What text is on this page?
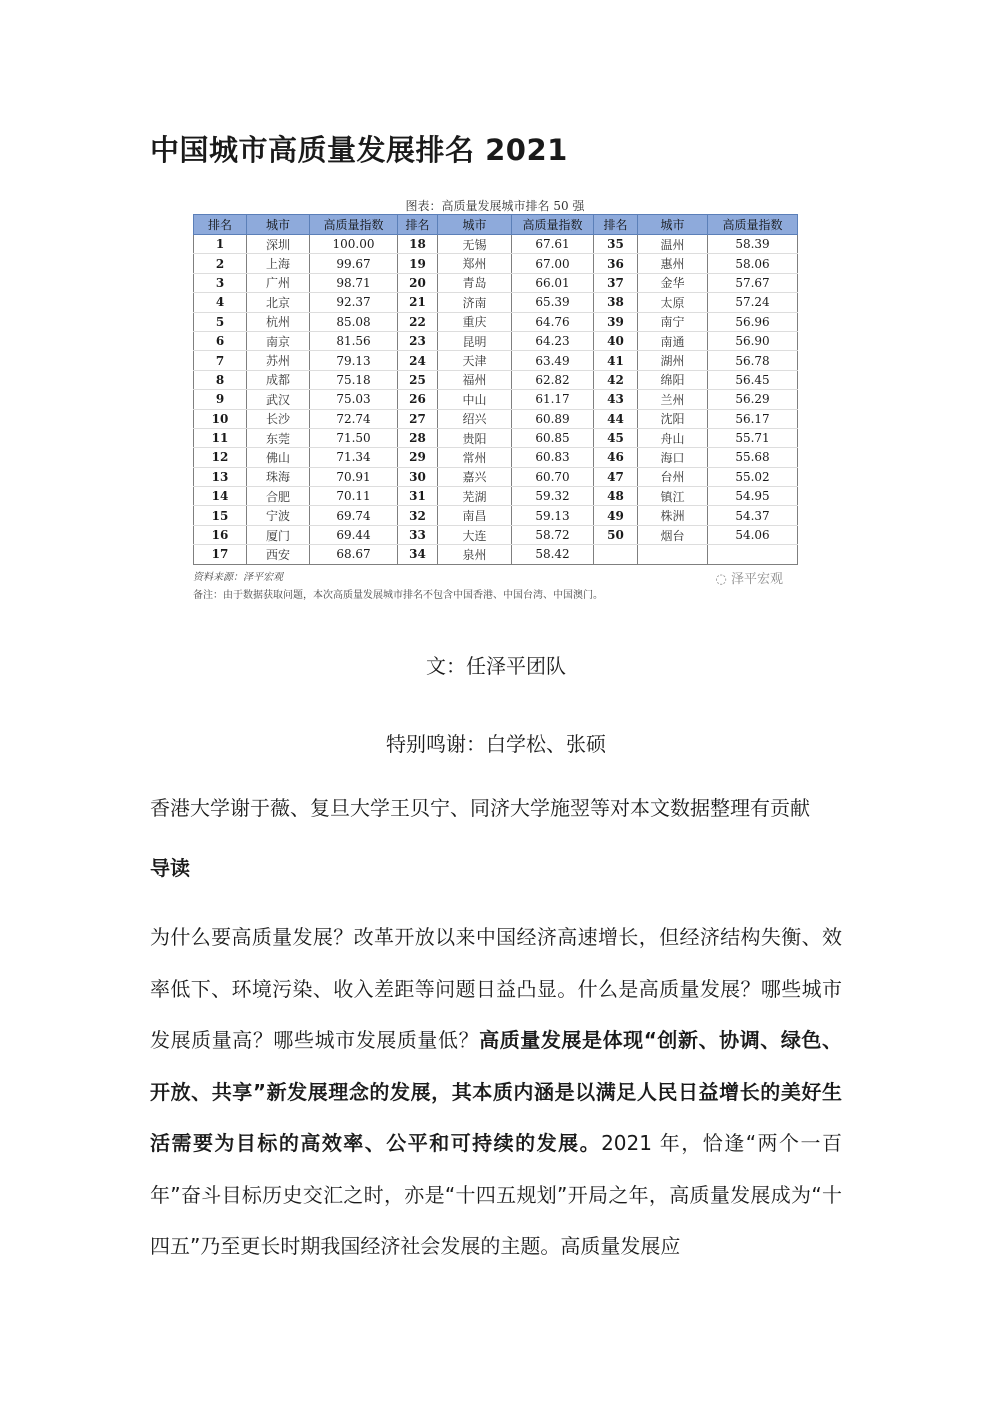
中国城市高质量发展排名 2021
图表：高质量发展城市排名 50 强
排名	城市	高质量指数	排名	城市	高质量指数	排名	城市	高质量指数
1	深圳	100.00	18	无锡	67.61	35	温州	58.39
2	上海	99.67	19	郑州	67.00	36	惠州	58.06
3	广州	98.71	20	青岛	66.01	37	金华	57.67
4	北京	92.37	21	济南	65.39	38	太原	57.24
5	杭州	85.08	22	重庆	64.76	39	南宁	56.96
6	南京	81.56	23	昆明	64.23	40	南通	56.90
7	苏州	79.13	24	天津	63.49	41	湖州	56.78
8	成都	75.18	25	福州	62.82	42	绵阳	56.45
9	武汉	75.03	26	中山	61.17	43	兰州	56.29
10	长沙	72.74	27	绍兴	60.89	44	沈阳	56.17
11	东莞	71.50	28	贵阳	60.85	45	舟山	55.71
12	佛山	71.34	29	常州	60.83	46	海口	55.68
13	珠海	70.91	30	嘉兴	60.70	47	台州	55.02
14	合肥	70.11	31	芜湖	59.32	48	镇江	54.95
15	宁波	69.74	32	南昌	59.13	49	株洲	54.37
16	厦门	69.44	33	大连	58.72	50	烟台	54.06
17	西安	68.67	34	泉州	58.42			
资料来源：泽平宏观	◌ 泽平宏观
备注：由于数据获取问题，本次高质量发展城市排名不包含中国香港、中国台湾、中国澳门。

文：任泽平团队

特别鸣谢：白学松、张硕

香港大学谢于薇、复旦大学王贝宁、同济大学施翌等对本文数据整理有贡献

导读

为什么要高质量发展？改革开放以来中国经济高速增长，但经济结构失衡、效率低下、环境污染、收入差距等问题日益凸显。什么是高质量发展？哪些城市发展质量高？哪些城市发展质量低？高质量发展是体现“创新、协调、绿色、开放、共享”新发展理念的发展，其本质内涵是以满足人民日益增长的美好生活需要为目标的高效率、公平和可持续的发展。2021 年，恰逢“两个一百年”奋斗目标历史交汇之时，亦是“十四五规划”开局之年，高质量发展成为“十四五”乃至更长时期我国经济社会发展的主题。高质量发展应
